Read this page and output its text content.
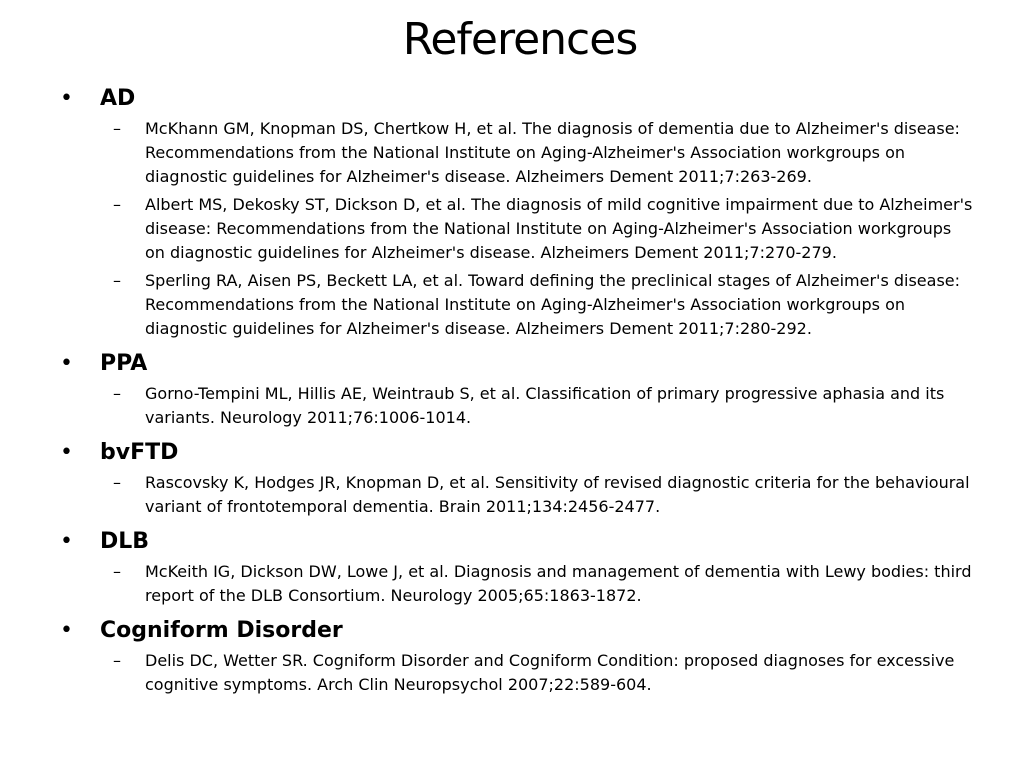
References
• AD
– McKhann GM, Knopman DS, Chertkow H, et al. The diagnosis of dementia due to Alzheimer's disease: Recommendations from the National Institute on Aging-Alzheimer's Association workgroups on diagnostic guidelines for Alzheimer's disease. Alzheimers Dement 2011;7:263-269.
– Albert MS, Dekosky ST, Dickson D, et al. The diagnosis of mild cognitive impairment due to Alzheimer's disease: Recommendations from the National Institute on Aging-Alzheimer's Association workgroups on diagnostic guidelines for Alzheimer's disease. Alzheimers Dement 2011;7:270-279.
– Sperling RA, Aisen PS, Beckett LA, et al. Toward defining the preclinical stages of Alzheimer's disease: Recommendations from the National Institute on Aging-Alzheimer's Association workgroups on diagnostic guidelines for Alzheimer's disease. Alzheimers Dement 2011;7:280-292.
• PPA
– Gorno-Tempini ML, Hillis AE, Weintraub S, et al. Classification of primary progressive aphasia and its variants. Neurology 2011;76:1006-1014.
• bvFTD
– Rascovsky K, Hodges JR, Knopman D, et al. Sensitivity of revised diagnostic criteria for the behavioural variant of frontotemporal dementia. Brain 2011;134:2456-2477.
• DLB
– McKeith IG, Dickson DW, Lowe J, et al. Diagnosis and management of dementia with Lewy bodies: third report of the DLB Consortium. Neurology 2005;65:1863-1872.
• Cogniform Disorder
– Delis DC, Wetter SR. Cogniform Disorder and Cogniform Condition: proposed diagnoses for excessive cognitive symptoms. Arch Clin Neuropsychol 2007;22:589-604.
